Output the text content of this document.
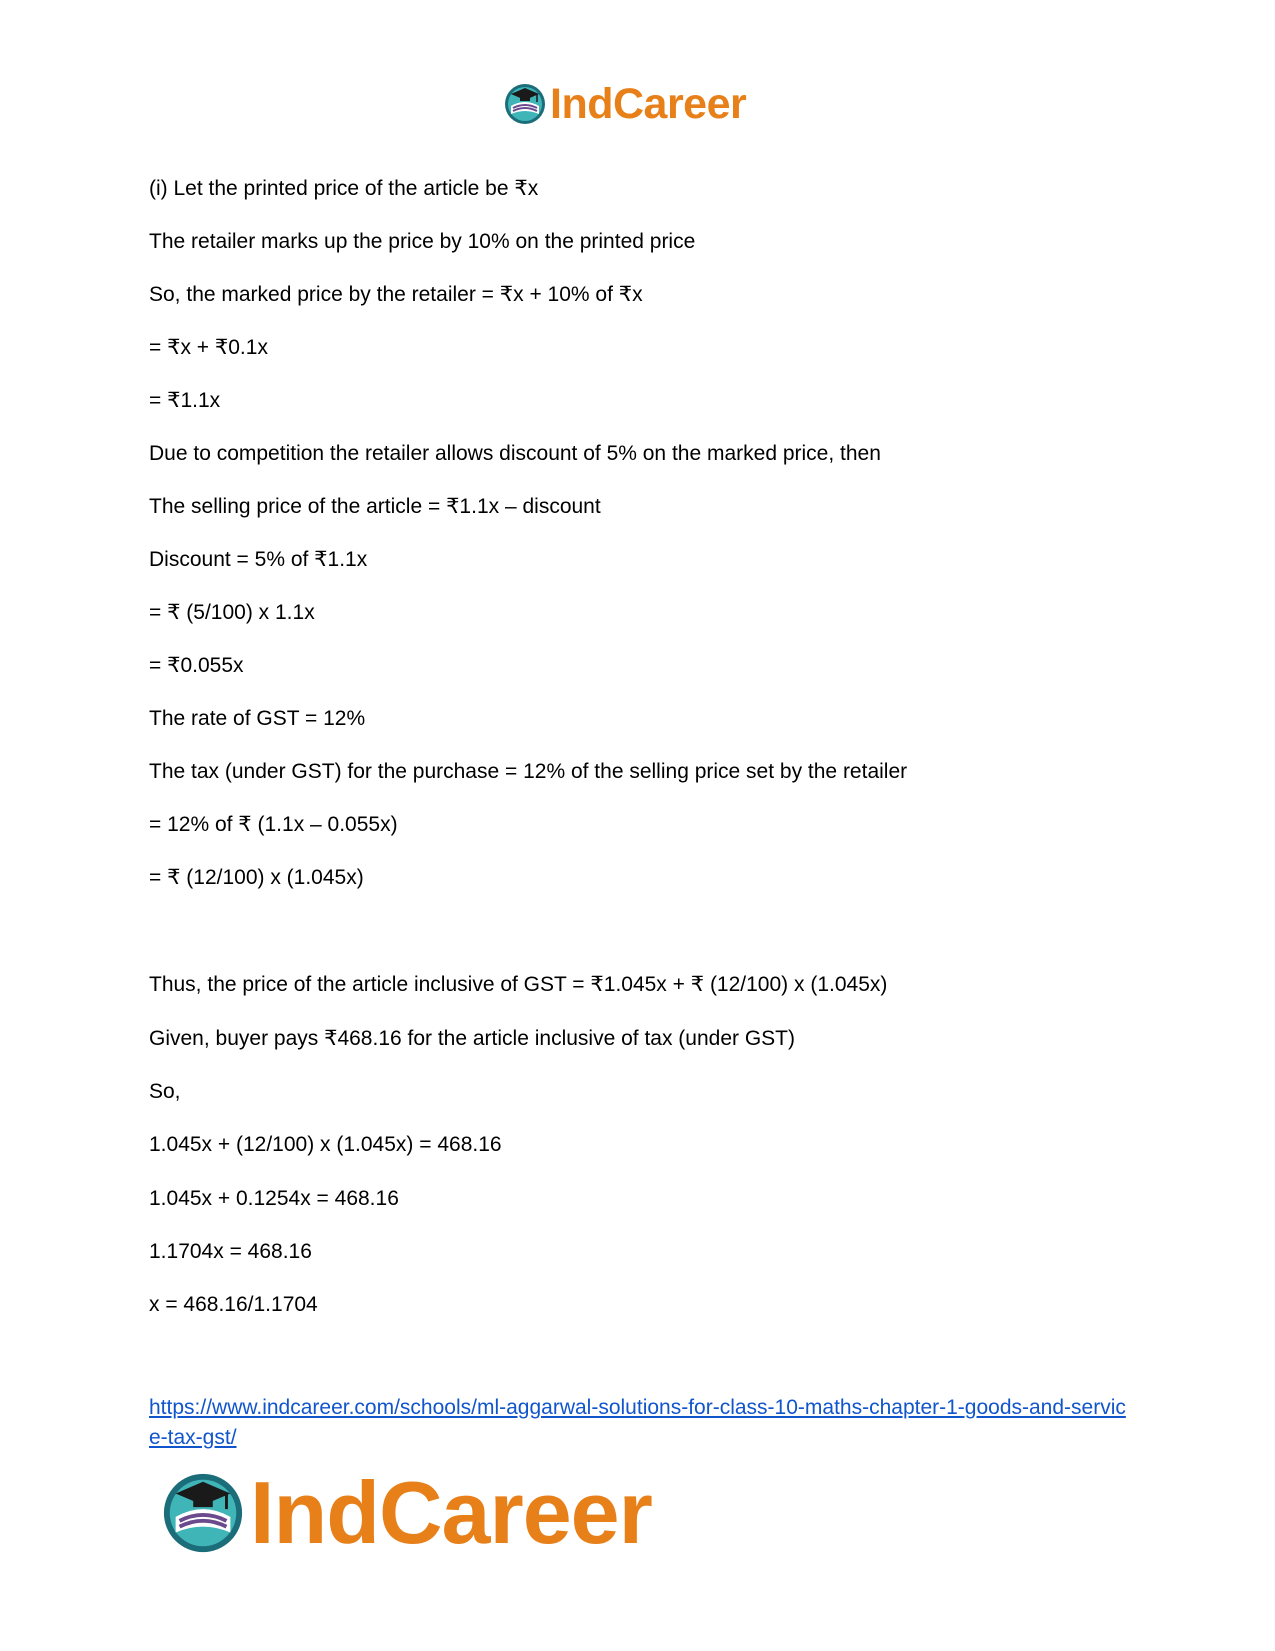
IndCareer
(i) Let the printed price of the article be ₹x
The retailer marks up the price by 10% on the printed price
So, the marked price by the retailer = ₹x + 10% of ₹x
= ₹x + ₹0.1x
= ₹1.1x
Due to competition the retailer allows discount of 5% on the marked price, then
The selling price of the article = ₹1.1x – discount
Discount = 5% of ₹1.1x
= ₹ (5/100) x 1.1x
= ₹0.055x
The rate of GST = 12%
The tax (under GST) for the purchase = 12% of the selling price set by the retailer
= 12% of ₹ (1.1x – 0.055x)
= ₹ (12/100) x (1.045x)
Thus, the price of the article inclusive of GST = ₹1.045x + ₹ (12/100) x (1.045x)
Given, buyer pays ₹468.16 for the article inclusive of tax (under GST)
So,
1.045x + (12/100) x (1.045x) = 468.16
1.045x + 0.1254x = 468.16
1.1704x = 468.16
x = 468.16/1.1704
https://www.indcareer.com/schools/ml-aggarwal-solutions-for-class-10-maths-chapter-1-goods-and-service-tax-gst/
IndCareer
